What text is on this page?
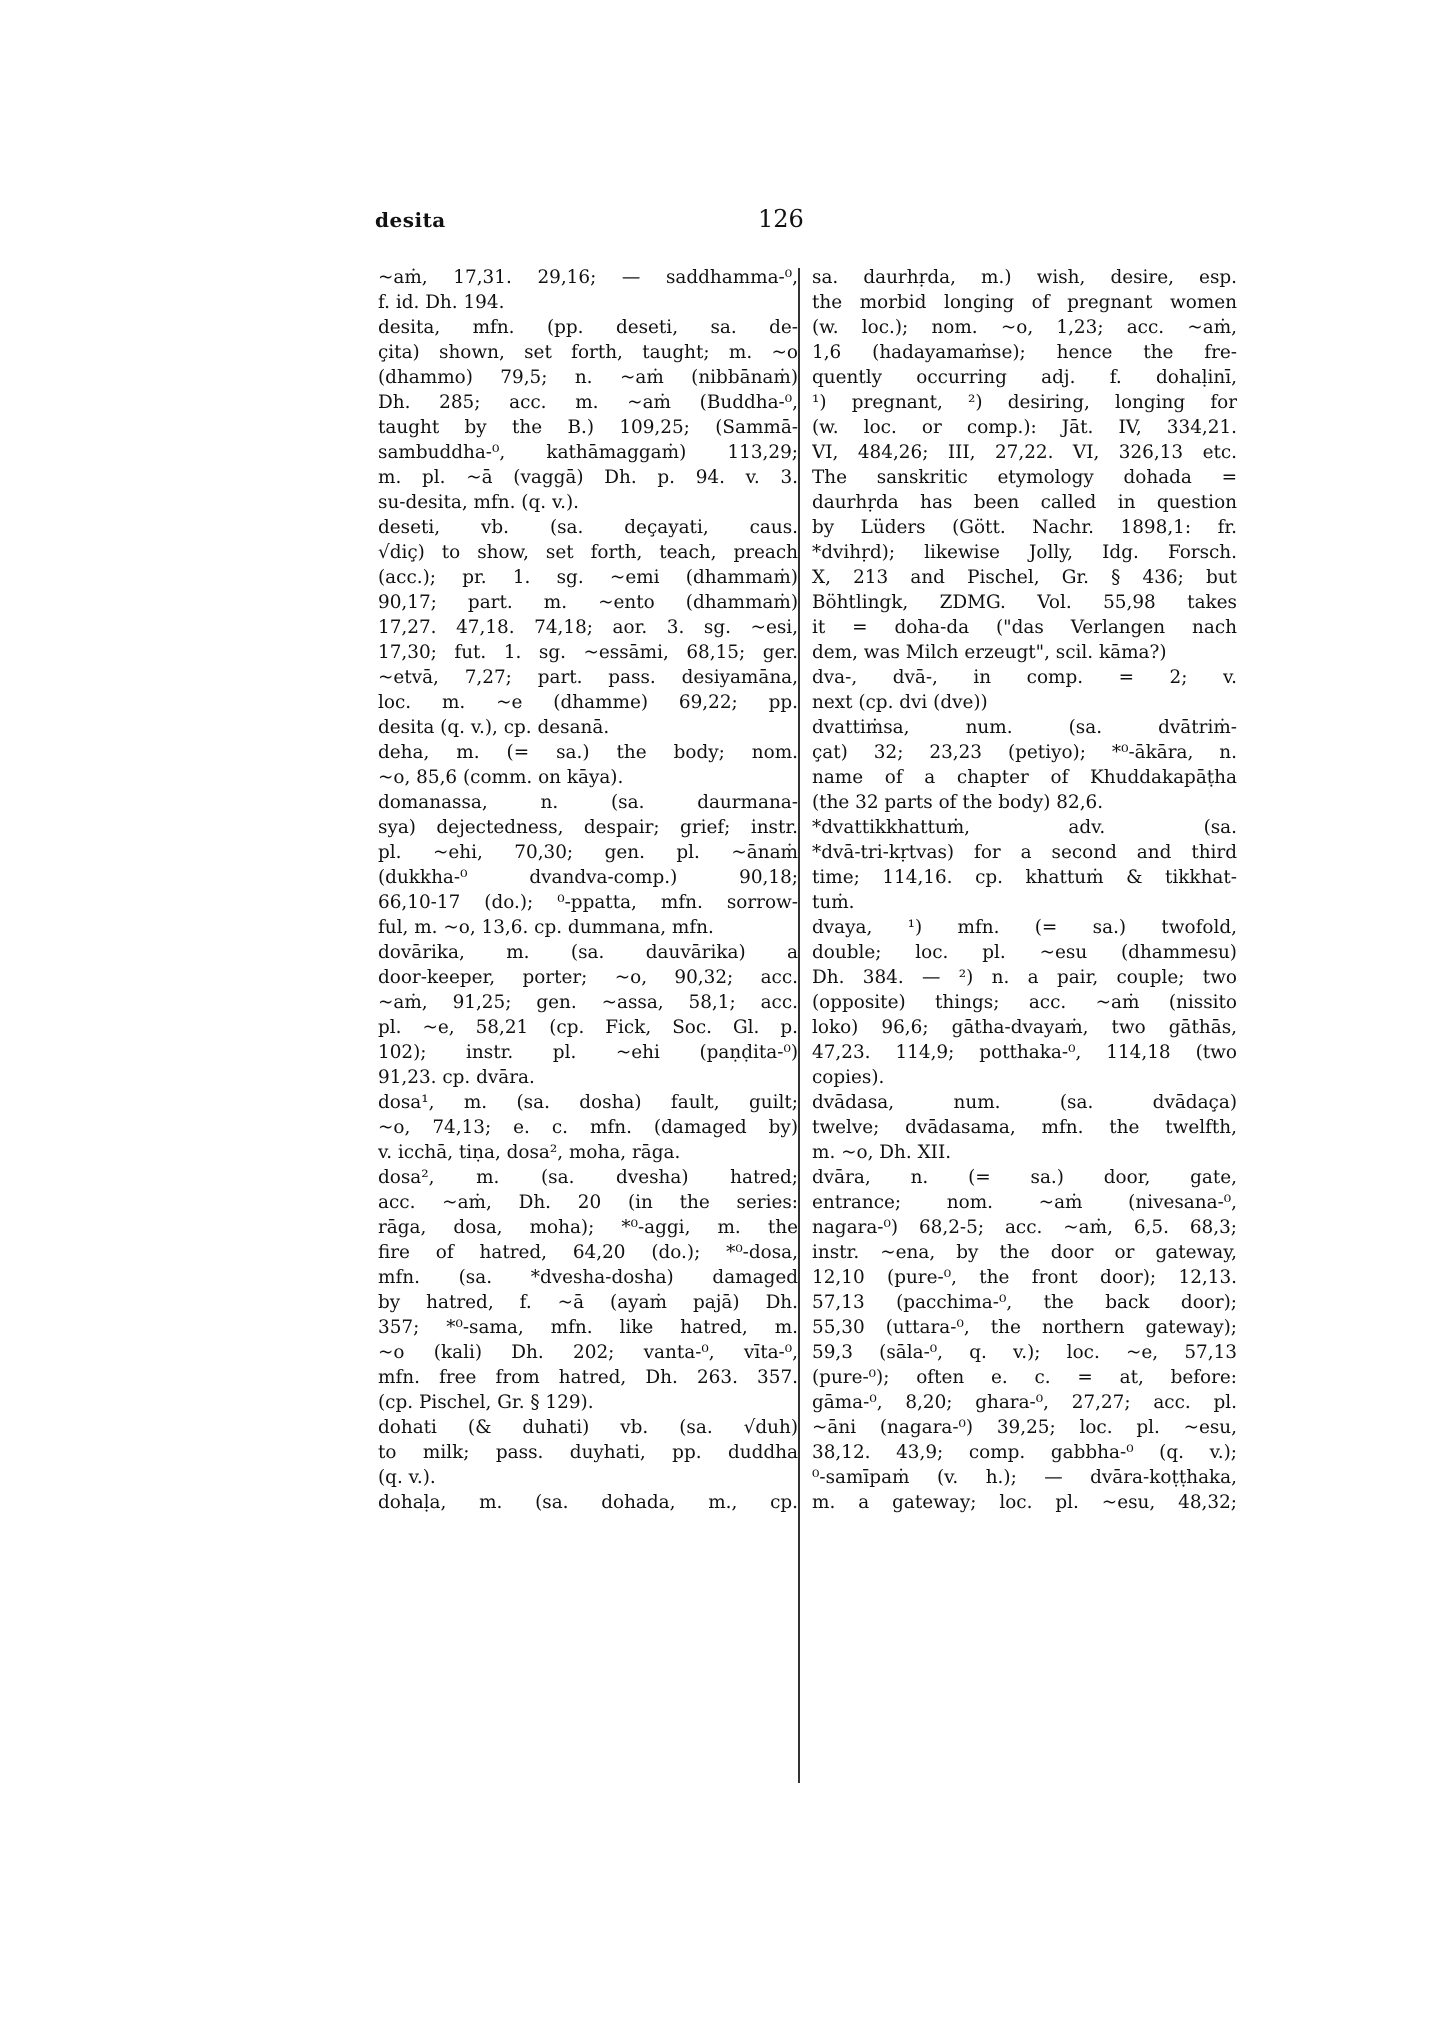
desita	126
~aṁ, 17,31. 29,16; — saddhamma-⁰,
f. id. Dh. 194.
desita, mfn. (pp. deseti, sa. de-
çita) shown, set forth, taught; m. ~o
(dhammo) 79,5; n. ~aṁ (nibbānaṁ)
Dh. 285; acc. m. ~aṁ (Buddha-⁰,
taught by the B.) 109,25; (Sammā-
sambuddha-⁰, kathāmaggaṁ) 113,29;
m. pl. ~ā (vaggā) Dh. p. 94. v. 3.
su-desita, mfn. (q. v.).
deseti, vb. (sa. deçayati, caus.
√diç) to show, set forth, teach, preach
(acc.); pr. 1. sg. ~emi (dhammaṁ)
90,17; part. m. ~ento (dhammaṁ)
17,27. 47,18. 74,18; aor. 3. sg. ~esi,
17,30; fut. 1. sg. ~essāmi, 68,15; ger.
~etvā, 7,27; part. pass. desiyamāna,
loc. m. ~e (dhamme) 69,22; pp.
desita (q. v.), cp. desanā.
deha, m. (= sa.) the body; nom.
~o, 85,6 (comm. on kāya).
domanassa, n. (sa. daurmana-
sya) dejectedness, despair; grief; instr.
pl. ~ehi, 70,30; gen. pl. ~ānaṁ
(dukkha-⁰ dvandva-comp.) 90,18;
66,10-17 (do.); ⁰-ppatta, mfn. sorrow-
ful, m. ~o, 13,6. cp. dummana, mfn.
dovārika, m. (sa. dauvārika) a
door-keeper, porter; ~o, 90,32; acc.
~aṁ, 91,25; gen. ~assa, 58,1; acc.
pl. ~e, 58,21 (cp. Fick, Soc. Gl. p.
102); instr. pl. ~ehi (paṇḍita-⁰)
91,23. cp. dvāra.
dosa¹, m. (sa. dosha) fault, guilt;
~o, 74,13; e. c. mfn. (damaged by)
v. icchā, tiṇa, dosa², moha, rāga.
dosa², m. (sa. dvesha) hatred;
acc. ~aṁ, Dh. 20 (in the series:
rāga, dosa, moha); *⁰-aggi, m. the
fire of hatred, 64,20 (do.); *⁰-dosa,
mfn. (sa. *dvesha-dosha) damaged
by hatred, f. ~ā (ayaṁ pajā) Dh.
357; *⁰-sama, mfn. like hatred, m.
~o (kali) Dh. 202; vanta-⁰, vīta-⁰,
mfn. free from hatred, Dh. 263. 357.
(cp. Pischel, Gr. § 129).
dohati (& duhati) vb. (sa. √duh)
to milk; pass. duyhati, pp. duddha
(q. v.).
dohaḷa, m. (sa. dohada, m., cp.
sa. daurhṛda, m.) wish, desire, esp.
the morbid longing of pregnant women
(w. loc.); nom. ~o, 1,23; acc. ~aṁ,
1,6 (hadayamaṁse); hence the fre-
quently occurring adj. f. dohaḷinī,
¹) pregnant, ²) desiring, longing for
(w. loc. or comp.): Jāt. IV, 334,21.
VI, 484,26; III, 27,22. VI, 326,13 etc.
The sanskritic etymology dohada =
daurhṛda has been called in question
by Lüders (Gött. Nachr. 1898,1: fr.
*dvihṛd); likewise Jolly, Idg. Forsch.
X, 213 and Pischel, Gr. § 436; but
Böhtlingk, ZDMG. Vol. 55,98 takes
it = doha-da ("das Verlangen nach
dem, was Milch erzeugt", scil. kāma?)
dva-, dvā-, in comp. = 2; v.
next (cp. dvi (dve))
dvattiṁsa, num. (sa. dvātriṁ-
çat) 32; 23,23 (petiyo); *⁰-ākāra, n.
name of a chapter of Khuddakapāṭha
(the 32 parts of the body) 82,6.
*dvattikkhattuṁ, adv. (sa.
*dvā-tri-kṛtvas) for a second and third
time; 114,16. cp. khattuṁ & tikkhat-
tuṁ.
dvaya, ¹) mfn. (= sa.) twofold,
double; loc. pl. ~esu (dhammesu)
Dh. 384. — ²) n. a pair, couple; two
(opposite) things; acc. ~aṁ (nissito
loko) 96,6; gātha-dvayaṁ, two gāthās,
47,23. 114,9; potthaka-⁰, 114,18 (two
copies).
dvādasa, num. (sa. dvādaça)
twelve; dvādasama, mfn. the twelfth,
m. ~o, Dh. XII.
dvāra, n. (= sa.) door, gate,
entrance; nom. ~aṁ (nivesana-⁰,
nagara-⁰) 68,2-5; acc. ~aṁ, 6,5. 68,3;
instr. ~ena, by the door or gateway,
12,10 (pure-⁰, the front door); 12,13.
57,13 (pacchima-⁰, the back door);
55,30 (uttara-⁰, the northern gateway);
59,3 (sāla-⁰, q. v.); loc. ~e, 57,13
(pure-⁰); often e. c. = at, before:
gāma-⁰, 8,20; ghara-⁰, 27,27; acc. pl.
~āni (nagara-⁰) 39,25; loc. pl. ~esu,
38,12. 43,9; comp. gabbha-⁰ (q. v.);
⁰-samīpaṁ (v. h.); — dvāra-koṭṭhaka,
m. a gateway; loc. pl. ~esu, 48,32;
